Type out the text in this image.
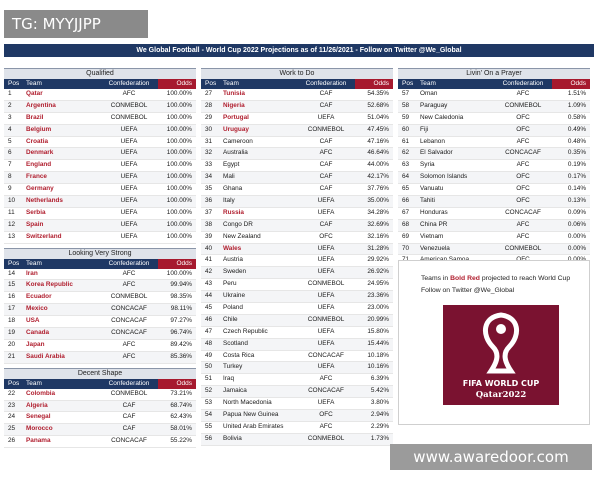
TG: MYYJJPP
We Global Football - World Cup 2022 Projections as of 11/26/2021 - Follow on Twitter @We_Global
Qualified
Pos	Team	Confederation	Odds
1	Qatar	AFC	100.00%
2	Argentina	CONMEBOL	100.00%
3	Brazil	CONMEBOL	100.00%
4	Belgium	UEFA	100.00%
5	Croatia	UEFA	100.00%
6	Denmark	UEFA	100.00%
7	England	UEFA	100.00%
8	France	UEFA	100.00%
9	Germany	UEFA	100.00%
10	Netherlands	UEFA	100.00%
11	Serbia	UEFA	100.00%
12	Spain	UEFA	100.00%
13	Switzerland	UEFA	100.00%
Looking Very Strong
Pos	Team	Confederation	Odds
14	Iran	AFC	100.00%
15	Korea Republic	AFC	99.94%
16	Ecuador	CONMEBOL	98.35%
17	Mexico	CONCACAF	98.11%
18	USA	CONCACAF	97.27%
19	Canada	CONCACAF	96.74%
20	Japan	AFC	89.42%
21	Saudi Arabia	AFC	85.36%
Decent Shape
Pos	Team	Confederation	Odds
22	Colombia	CONMEBOL	73.21%
23	Algeria	CAF	68.74%
24	Senegal	CAF	62.43%
25	Morocco	CAF	58.01%
26	Panama	CONCACAF	55.22%
Work to Do
Pos	Team	Confederation	Odds
27	Tunisia	CAF	54.35%
28	Nigeria	CAF	52.68%
29	Portugal	UEFA	51.04%
30	Uruguay	CONMEBOL	47.45%
31	Cameroon	CAF	47.16%
32	Australia	AFC	46.64%
33	Egypt	CAF	44.00%
34	Mali	CAF	42.17%
35	Ghana	CAF	37.76%
36	Italy	UEFA	35.00%
37	Russia	UEFA	34.28%
38	Congo DR	CAF	32.69%
39	New Zealand	OFC	32.16%
40	Wales	UEFA	31.28%
41	Austria	UEFA	29.92%
42	Sweden	UEFA	26.92%
43	Peru	CONMEBOL	24.95%
44	Ukraine	UEFA	23.36%
45	Poland	UEFA	23.00%
46	Chile	CONMEBOL	20.99%
47	Czech Republic	UEFA	15.80%
48	Scotland	UEFA	15.44%
49	Costa Rica	CONCACAF	10.18%
50	Turkey	UEFA	10.16%
51	Iraq	AFC	6.39%
52	Jamaica	CONCACAF	5.42%
53	North Macedonia	UEFA	3.80%
54	Papua New Guinea	OFC	2.94%
55	United Arab Emirates	AFC	2.29%
56	Bolivia	CONMEBOL	1.73%
Livin' On a Prayer
Pos	Team	Confederation	Odds
57	Oman	AFC	1.51%
58	Paraguay	CONMEBOL	1.09%
59	New Caledonia	OFC	0.58%
60	Fiji	OFC	0.49%
61	Lebanon	AFC	0.48%
62	El Salvador	CONCACAF	0.35%
63	Syria	AFC	0.19%
64	Solomon Islands	OFC	0.17%
65	Vanuatu	OFC	0.14%
66	Tahiti	OFC	0.13%
67	Honduras	CONCACAF	0.09%
68	China PR	AFC	0.06%
69	Vietnam	AFC	0.00%
70	Venezuela	CONMEBOL	0.00%
Teams in Bold Red projected to reach World Cup
Follow on Twitter @We_Global
FIFA WORLD CUP
Qatar2022
www.awaredoor.com
